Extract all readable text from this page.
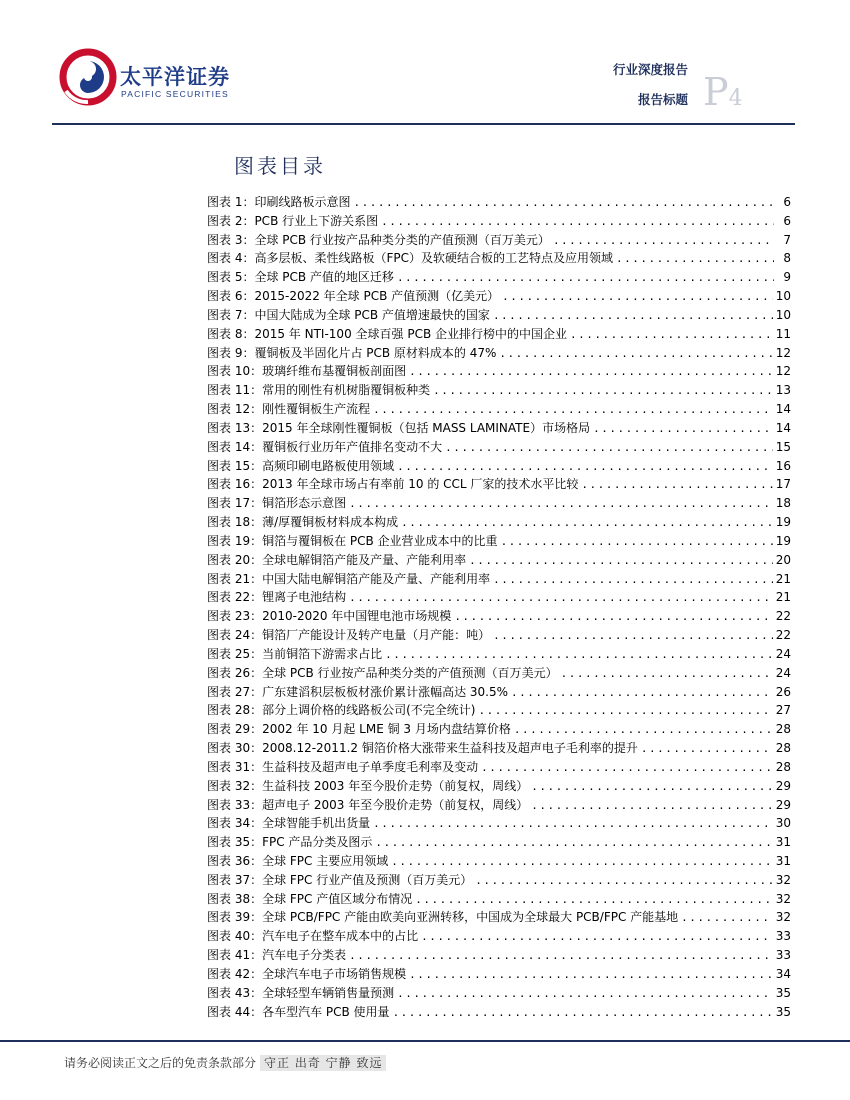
太平洋证券
PACIFIC SECURITIES
行业深度报告
报告标题 P4
图表目录
图表 1：印刷线路板示意图 .....	6
图表 2：PCB 行业上下游关系图 .....	6
图表 3：全球 PCB 行业按产品种类分类的产值预测（百万美元） .....	7
图表 4：高多层板、柔性线路板（FPC）及软硬结合板的工艺特点及应用领域 .....	8
图表 5：全球 PCB 产值的地区迁移 .....	9
图表 6：2015-2022 年全球 PCB 产值预测（亿美元） .....	10
图表 7：中国大陆成为全球 PCB 产值增速最快的国家 .....	10
图表 8：2015 年 NTI-100 全球百强 PCB 企业排行榜中的中国企业 .....	11
图表 9：覆铜板及半固化片占 PCB 原材料成本的 47% .....	12
图表 10：玻璃纤维布基覆铜板剖面图 .....	12
图表 11：常用的刚性有机树脂覆铜板种类 .....	13
图表 12：刚性覆铜板生产流程 .....	14
图表 13：2015 年全球刚性覆铜板（包括 MASS LAMINATE）市场格局 .....	14
图表 14：覆铜板行业历年产值排名变动不大 .....	15
图表 15：高频印刷电路板使用领域 .....	16
图表 16：2013 年全球市场占有率前 10 的 CCL 厂家的技术水平比较 .....	17
图表 17：铜箔形态示意图 .....	18
图表 18：薄/厚覆铜板材料成本构成 .....	19
图表 19：铜箔与覆铜板在 PCB 企业营业成本中的比重 .....	19
图表 20：全球电解铜箔产能及产量、产能利用率 .....	20
图表 21：中国大陆电解铜箔产能及产量、产能利用率 .....	21
图表 22：锂离子电池结构 .....	21
图表 23：2010-2020 年中国锂电池市场规模 .....	22
图表 24：铜箔厂产能设计及转产电量（月产能：吨） .....	22
图表 25：当前铜箔下游需求占比 .....	24
图表 26：全球 PCB 行业按产品种类分类的产值预测（百万美元） .....	24
图表 27：广东建滔积层板板材涨价累计涨幅高达 30.5% .....	26
图表 28：部分上调价格的线路板公司(不完全统计) .....	27
图表 29：2002 年 10 月起 LME 铜 3 月场内盘结算价格 .....	28
图表 30：2008.12-2011.2 铜箔价格大涨带来生益科技及超声电子毛利率的提升 .....	28
图表 31：生益科技及超声电子单季度毛利率及变动 .....	28
图表 32：生益科技 2003 年至今股价走势（前复权，周线） .....	29
图表 33：超声电子 2003 年至今股价走势（前复权，周线） .....	29
图表 34：全球智能手机出货量 .....	30
图表 35：FPC 产品分类及图示 .....	31
图表 36：全球 FPC 主要应用领域 .....	31
图表 37：全球 FPC 行业产值及预测（百万美元） .....	32
图表 38：全球 FPC 产值区域分布情况 .....	32
图表 39：全球 PCB/FPC 产能由欧美向亚洲转移，中国成为全球最大 PCB/FPC 产能基地 .....	32
图表 40：汽车电子在整车成本中的占比 .....	33
图表 41：汽车电子分类表 .....	33
图表 42：全球汽车电子市场销售规模 .....	34
图表 43：全球轻型车辆销售量预测 .....	35
图表 44：各车型汽车 PCB 使用量 .....	35
请务必阅读正文之后的免责条款部分 守正 出奇 宁静 致远
